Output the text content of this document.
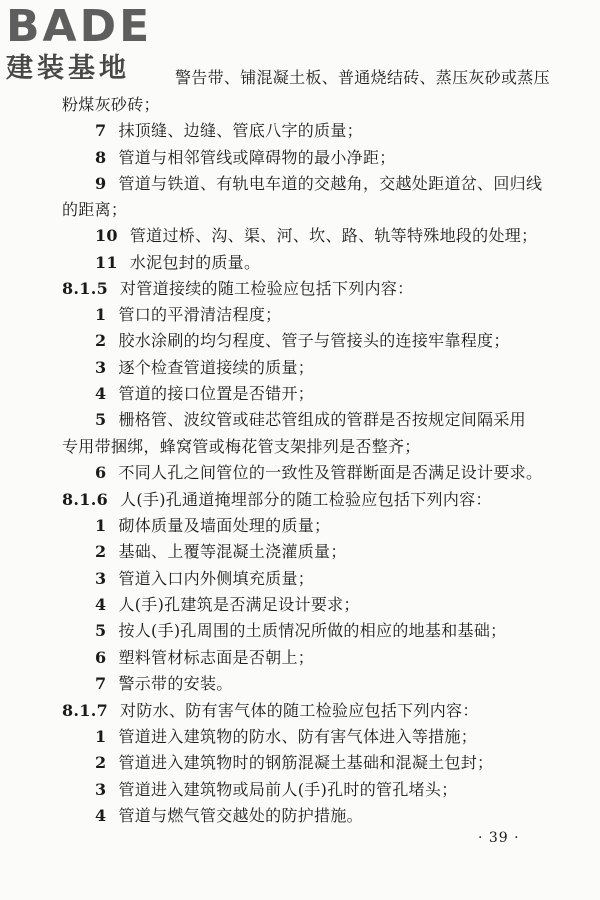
BADE
建装基地	警告带、铺混凝土板、普通烧结砖、蒸压灰砂或蒸压
粉煤灰砂砖；
7 抹顶缝、边缝、管底八字的质量；
8 管道与相邻管线或障碍物的最小净距；
9 管道与铁道、有轨电车道的交越角，交越处距道岔、回归线
的距离；
10 管道过桥、沟、渠、河、坎、路、轨等特殊地段的处理；
11 水泥包封的质量。
8.1.5 对管道接续的随工检验应包括下列内容：
1 管口的平滑清洁程度；
2 胶水涂刷的均匀程度、管子与管接头的连接牢靠程度；
3 逐个检查管道接续的质量；
4 管道的接口位置是否错开；
5 栅格管、波纹管或硅芯管组成的管群是否按规定间隔采用
专用带捆绑，蜂窝管或梅花管支架排列是否整齐；
6 不同人孔之间管位的一致性及管群断面是否满足设计要求。
8.1.6 人(手)孔通道掩埋部分的随工检验应包括下列内容：
1 砌体质量及墙面处理的质量；
2 基础、上覆等混凝土浇灌质量；
3 管道入口内外侧填充质量；
4 人(手)孔建筑是否满足设计要求；
5 按人(手)孔周围的土质情况所做的相应的地基和基础；
6 塑料管材标志面是否朝上；
7 警示带的安装。
8.1.7 对防水、防有害气体的随工检验应包括下列内容：
1 管道进入建筑物的防水、防有害气体进入等措施；
2 管道进入建筑物时的钢筋混凝土基础和混凝土包封；
3 管道进入建筑物或局前人(手)孔时的管孔堵头；
4 管道与燃气管交越处的防护措施。
· 39 ·
